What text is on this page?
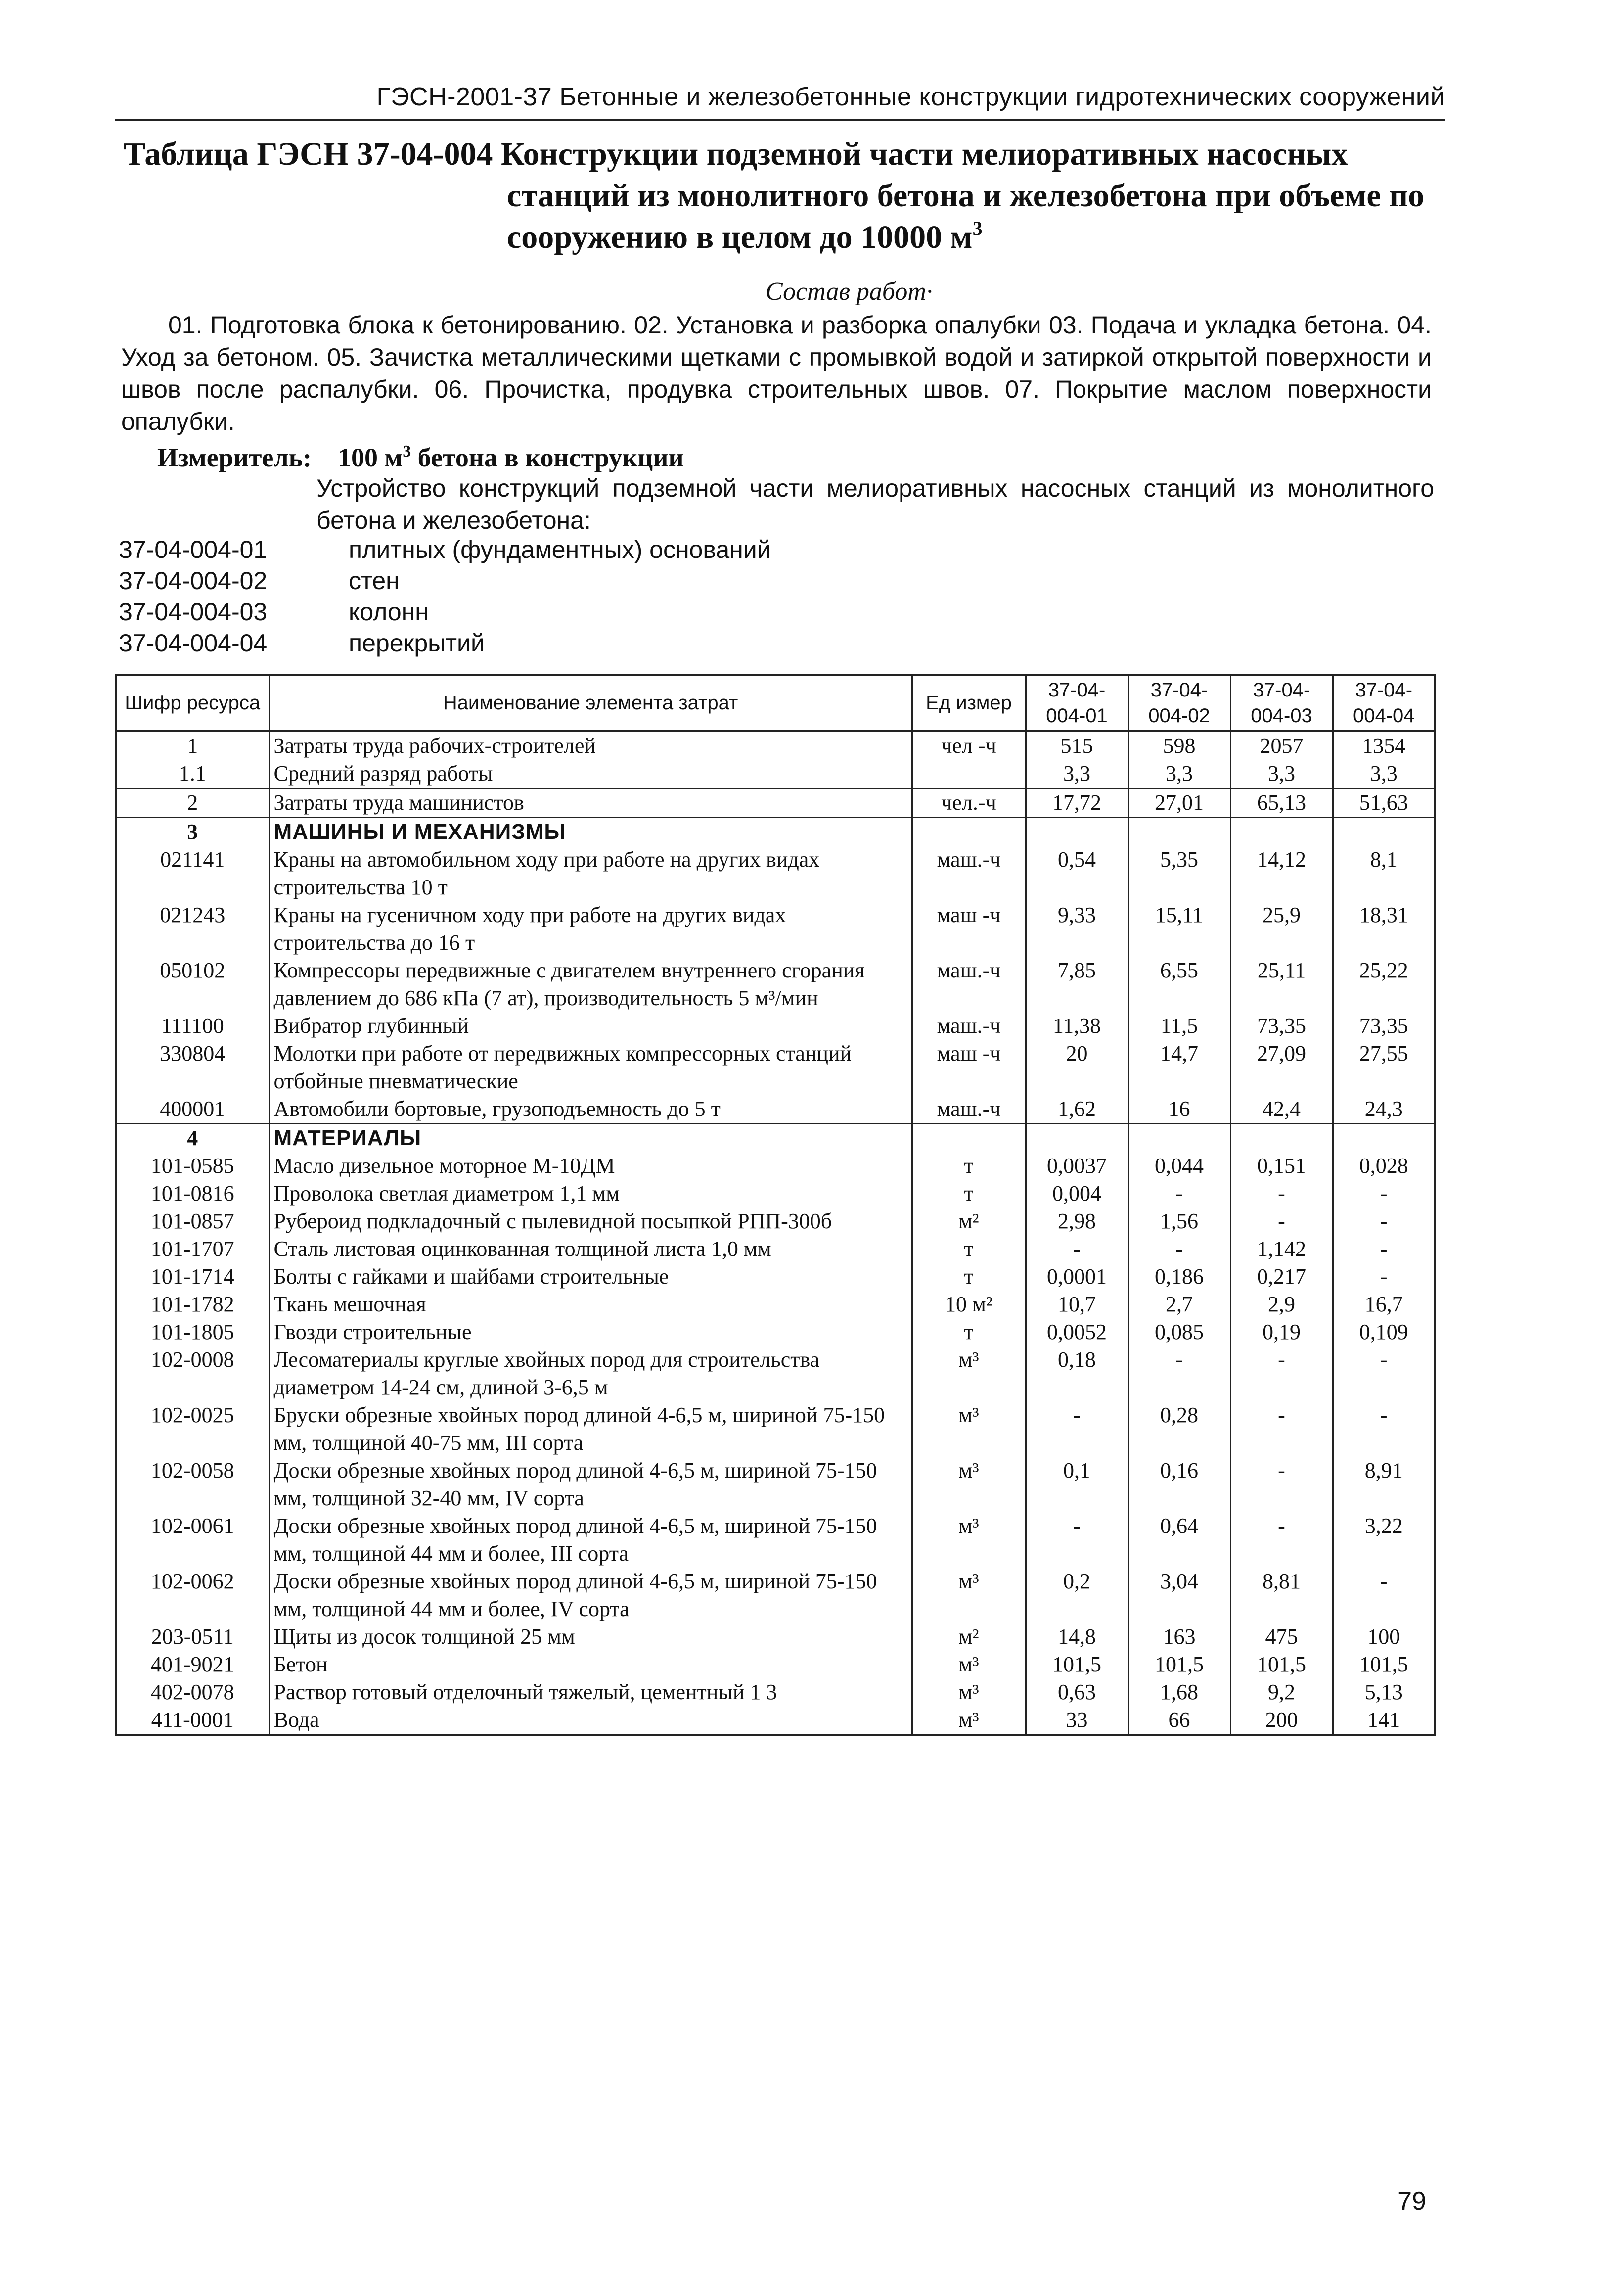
ГЭСН-2001-37 Бетонные и железобетонные конструкции гидротехнических сооружений
Таблица ГЭСН 37-04-004 Конструкции подземной части мелиоративных насосных
станций из монолитного бетона и железобетона при объеме по
сооружению в целом до 10000 $м^3$
Состав работ·
01. Подготовка блока к бетонированию. 02. Установка и разборка опалубки 03. Подача и укладка бетона. 04. Уход за бетоном. 05. Зачистка металлическими щетками с промывкой водой и затиркой открытой поверхности и швов после распалубки. 06. Прочистка, продувка строительных швов. 07. Покрытие маслом поверхности опалубки.
Измеритель: 100 $м^3$ бетона в конструкции
Устройство конструкций подземной части мелиоративных насосных станций из монолитного бетона и железобетона:
37-04-004-01	плитных (фундаментных) оснований
37-04-004-02	стен
37-04-004-03	колонн
37-04-004-04	перекрытий
Шифр ресурса	Наименование элемента затрат	Ед измер	37-04-004-01	37-04-004-02	37-04-004-03	37-04-004-04
1	Затраты труда рабочих-строителей	чел -ч	515	598	2057	1354
1.1	Средний разряд работы		3,3	3,3	3,3	3,3
2	Затраты труда машинистов	чел.-ч	17,72	27,01	65,13	51,63
3	МАШИНЫ И МЕХАНИЗМЫ					
021141	Краны на автомобильном ходу при работе на других видах строительства 10 т	маш.-ч	0,54	5,35	14,12	8,1
021243	Краны на гусеничном ходу при работе на других видах строительства до 16 т	маш -ч	9,33	15,11	25,9	18,31
050102	Компрессоры передвижные с двигателем внутреннего сгорания давлением до 686 кПа (7 ат), производительность 5 м³/мин	маш.-ч	7,85	6,55	25,11	25,22
111100	Вибратор глубинный	маш.-ч	11,38	11,5	73,35	73,35
330804	Молотки при работе от передвижных компрессорных станций отбойные пневматические	маш -ч	20	14,7	27,09	27,55
400001	Автомобили бортовые, грузоподъемность до 5 т	маш.-ч	1,62	16	42,4	24,3
4	МАТЕРИАЛЫ					
101-0585	Масло дизельное моторное М-10ДМ	т	0,0037	0,044	0,151	0,028
101-0816	Проволока светлая диаметром 1,1 мм	т	0,004	-	-	-
101-0857	Рубероид подкладочный с пылевидной посыпкой РПП-300б	м²	2,98	1,56	-	-
101-1707	Сталь листовая оцинкованная толщиной листа 1,0 мм	т	-	-	1,142	-
101-1714	Болты с гайками и шайбами строительные	т	0,0001	0,186	0,217	-
101-1782	Ткань мешочная	10 м²	10,7	2,7	2,9	16,7
101-1805	Гвозди строительные	т	0,0052	0,085	0,19	0,109
102-0008	Лесоматериалы круглые хвойных пород для строительства диаметром 14-24 см, длиной 3-6,5 м	м³	0,18	-	-	-
102-0025	Бруски обрезные хвойных пород длиной 4-6,5 м, шириной 75-150 мм, толщиной 40-75 мм, III сорта	м³	-	0,28	-	-
102-0058	Доски обрезные хвойных пород длиной 4-6,5 м, шириной 75-150 мм, толщиной 32-40 мм, IV сорта	м³	0,1	0,16	-	8,91
102-0061	Доски обрезные хвойных пород длиной 4-6,5 м, шириной 75-150 мм, толщиной 44 мм и более, III сорта	м³	-	0,64	-	3,22
102-0062	Доски обрезные хвойных пород длиной 4-6,5 м, шириной 75-150 мм, толщиной 44 мм и более, IV сорта	м³	0,2	3,04	8,81	-
203-0511	Щиты из досок толщиной 25 мм	м²	14,8	163	475	100
401-9021	Бетон	м³	101,5	101,5	101,5	101,5
402-0078	Раствор готовый отделочный тяжелый, цементный 1 3	м³	0,63	1,68	9,2	5,13
411-0001	Вода	м³	33	66	200	141
79
